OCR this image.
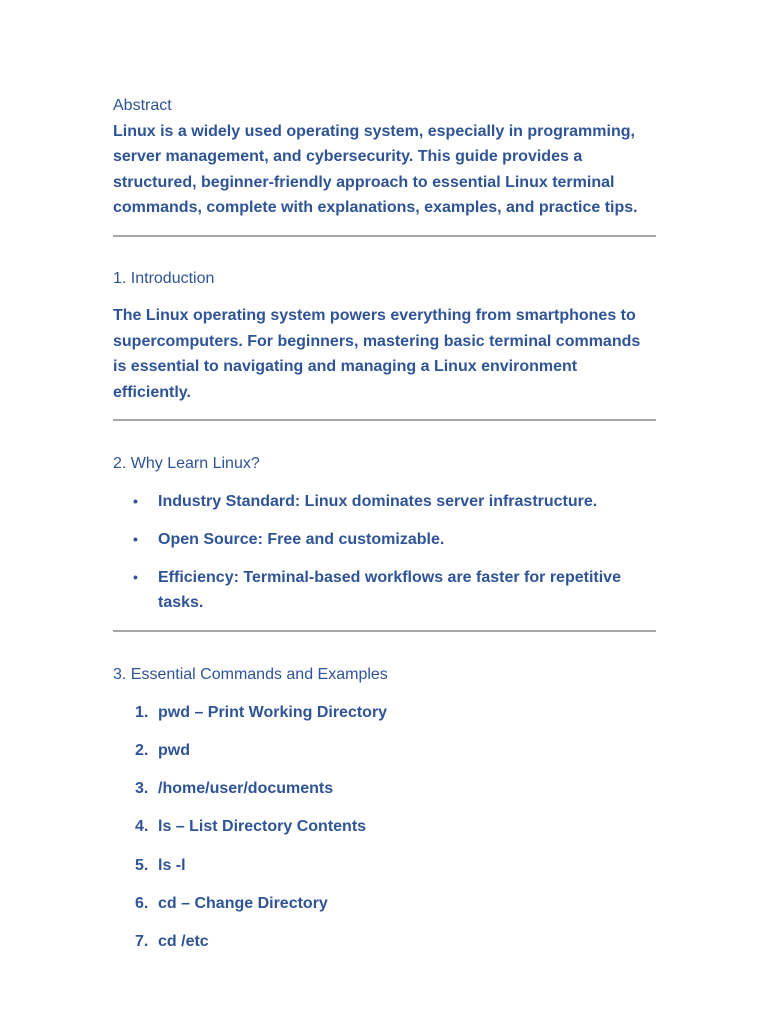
Abstract

Linux is a widely used operating system, especially in programming, server management, and cybersecurity. This guide provides a structured, beginner-friendly approach to essential Linux terminal commands, complete with explanations, examples, and practice tips.

1. Introduction

The Linux operating system powers everything from smartphones to supercomputers. For beginners, mastering basic terminal commands is essential to navigating and managing a Linux environment efficiently.

2. Why Learn Linux?
• Industry Standard: Linux dominates server infrastructure.
• Open Source: Free and customizable.
• Efficiency: Terminal-based workflows are faster for repetitive tasks.
3. Essential Commands and Examples
1. pwd – Print Working Directory
2. pwd
3. /home/user/documents
4. ls – List Directory Contents
5. ls -l
6. cd – Change Directory
7. cd /etc
